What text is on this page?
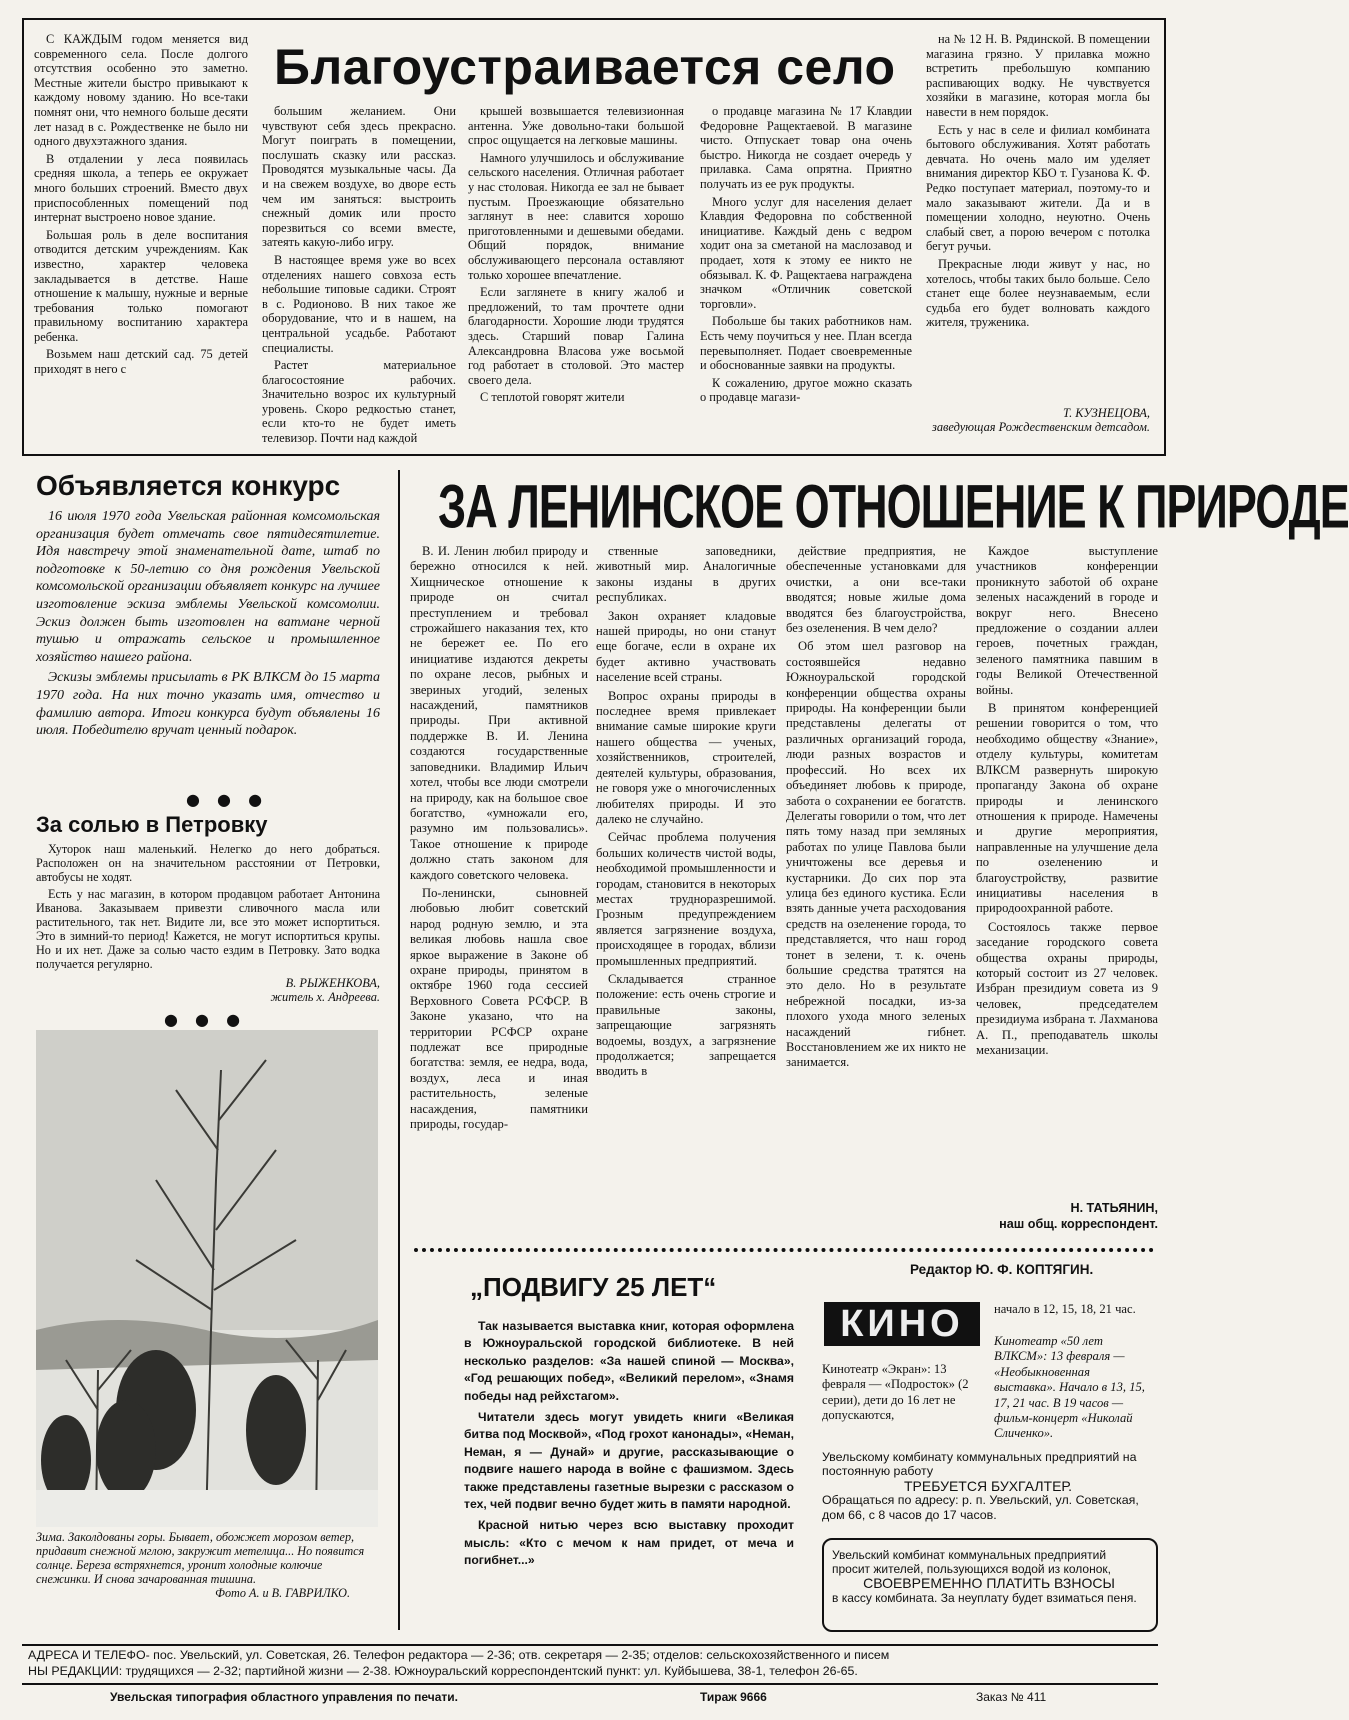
Благоустраивается село

С КАЖДЫМ годом меняется вид современного села. После долгого отсутствия особенно это заметно. Местные жители быстро привыкают к каждому новому зданию. Но все-таки помнят они, что немного больше десяти лет назад в с. Рождественке не было ни одного двухэтажного здания.

В отдалении у леса появилась средняя школа, а теперь ее окружает много больших строений. Вместо двух приспособленных помещений под интернат выстроено новое здание.

Большая роль в деле воспитания отводится детским учреждениям. Как известно, характер человека закладывается в детстве. Наше отношение к малышу, нужные и верные требования только помогают правильному воспитанию характера ребенка.

Возьмем наш детский сад. 75 детей приходят в него с

большим желанием. Они чувствуют себя здесь прекрасно. Могут поиграть в помещении, послушать сказку или рассказ. Проводятся музыкальные часы. Да и на свежем воздухе, во дворе есть чем им заняться: выстроить снежный домик или просто порезвиться со всеми вместе, затеять какую-либо игру.

В настоящее время уже во всех отделениях нашего совхоза есть небольшие типовые садики. Строят в с. Родионово. В них такое же оборудование, что и в нашем, на центральной усадьбе. Работают специалисты.

Растет материальное благосостояние рабочих. Значительно возрос их культурный уровень. Скоро редкостью станет, если кто-то не будет иметь телевизор. Почти над каждой

крышей возвышается телевизионная антенна. Уже довольно-таки большой спрос ощущается на легковые машины.

Намного улучшилось и обслуживание сельского населения. Отличная работает у нас столовая. Никогда ее зал не бывает пустым. Проезжающие обязательно заглянут в нее: славится хорошо приготовленными и дешевыми обедами. Общий порядок, внимание обслуживающего персонала оставляют только хорошее впечатление.

Если заглянете в книгу жалоб и предложений, то там прочтете одни благодарности. Хорошие люди трудятся здесь. Старший повар Галина Александровна Власова уже восьмой год работает в столовой. Это мастер своего дела.

С теплотой говорят жители

о продавце магазина № 17 Клавдии Федоровне Ращектаевой. В магазине чисто. Отпускает товар она очень быстро. Никогда не создает очередь у прилавка. Сама опрятна. Приятно получать из ее рук продукты.

Много услуг для населения делает Клавдия Федоровна по собственной инициативе. Каждый день с ведром ходит она за сметаной на маслозавод и продает, хотя к этому ее никто не обязывал. К. Ф. Ращектаева награждена значком «Отличник советской торговли».

Побольше бы таких работников нам. Есть чему поучиться у нее. План всегда перевыполняет. Подает своевременные и обоснованные заявки на продукты.

К сожалению, другое можно сказать о продавце магази-

на № 12 Н. В. Рядинской. В помещении магазина грязно. У прилавка можно встретить пребольшую компанию распивающих водку. Не чувствуется хозяйки в магазине, которая могла бы навести в нем порядок.

Есть у нас в селе и филиал комбината бытового обслуживания. Хотят работать девчата. Но очень мало им уделяет внимания директор КБО т. Гузанова К. Ф. Редко поступает материал, поэтому-то и мало заказывают жители. Да и в помещении холодно, неуютно. Очень слабый свет, а порою вечером с потолка бегут ручьи.

Прекрасные люди живут у нас, но хотелось, чтобы таких было больше. Село станет еще более неузнаваемым, если судьба его будет волновать каждого жителя, труженика.

Т. КУЗНЕЦОВА,
заведующая Рождественским детсадом.
Объявляется конкурс

16 июля 1970 года Увельская районная комсомольская организация будет отмечать свое пятидесятилетие. Идя навстречу этой знаменательной дате, штаб по подготовке к 50-летию со дня рождения Увельской комсомольской организации объявляет конкурс на лучшее изготовление эскиза эмблемы Увельской комсомолии. Эскиз должен быть изготовлен на ватмане черной тушью и отражать сельское и промышленное хозяйство нашего района.

Эскизы эмблемы присылать в РК ВЛКСМ до 15 марта 1970 года. На них точно указать имя, отчество и фамилию автора. Итоги конкурса будут объявлены 16 июля. Победителю вручат ценный подарок.

● ● ●
За солью в Петровку

Хуторок наш маленький. Нелегко до него добраться. Расположен он на значительном расстоянии от Петровки, автобусы не ходят.

Есть у нас магазин, в котором продавцом работает Антонина Иванова. Заказываем привезти сливочного масла или растительного, так нет. Видите ли, все это может испортиться. Это в зимний-то период! Кажется, не могут испортиться крупы. Но и их нет. Даже за солью часто ездим в Петровку. Зато водка получается регулярно.

В. РЫЖЕНКОВА,
житель х. Андреева.
● ● ●
Зима. Заколдованы горы. Бывает, обожжет морозом ветер, придавит снежной мглою, закружит метелица... Но появится солнце. Береза встряхнется, уронит холодные колючие снежинки. И снова зачарованная тишина.
Фото А. и В. ГАВРИЛКО.
ЗА ЛЕНИНСКОЕ ОТНОШЕНИЕ К ПРИРОДЕ

В. И. Ленин любил природу и бережно относился к ней. Хищническое отношение к природе он считал преступлением и требовал строжайшего наказания тех, кто не бережет ее. По его инициативе издаются декреты по охране лесов, рыбных и звериных угодий, зеленых насаждений, памятников природы. При активной поддержке В. И. Ленина создаются государственные заповедники. Владимир Ильич хотел, чтобы все люди смотрели на природу, как на большое свое богатство, «умножали его, разумно им пользовались». Такое отношение к природе должно стать законом для каждого советского человека.

По-ленински, сыновней любовью любит советский народ родную землю, и эта великая любовь нашла свое яркое выражение в Законе об охране природы, принятом в октябре 1960 года сессией Верховного Совета РСФСР. В Законе указано, что на территории РСФСР охране подлежат все природные богатства: земля, ее недра, вода, воздух, леса и иная растительность, зеленые насаждения, памятники природы, государ-

ственные заповедники, животный мир. Аналогичные законы изданы в других республиках.

Закон охраняет кладовые нашей природы, но они станут еще богаче, если в охране их будет активно участвовать население всей страны.

Вопрос охраны природы в последнее время привлекает внимание самые широкие круги нашего общества — ученых, хозяйственников, строителей, деятелей культуры, образования, не говоря уже о многочисленных любителях природы. И это далеко не случайно.

Сейчас проблема получения больших количеств чистой воды, необходимой промышленности и городам, становится в некоторых местах трудноразрешимой. Грозным предупреждением является загрязнение воздуха, происходящее в городах, вблизи промышленных предприятий.

Складывается странное положение: есть очень строгие и правильные законы, запрещающие загрязнять водоемы, воздух, а загрязнение продолжается; запрещается вводить в

действие предприятия, не обеспеченные установками для очистки, а они все-таки вводятся; новые жилые дома вводятся без благоустройства, без озеленения. В чем дело?

Об этом шел разговор на состоявшейся недавно Южноуральской городской конференции общества охраны природы. На конференции были представлены делегаты от различных организаций города, люди разных возрастов и профессий. Но всех их объединяет любовь к природе, забота о сохранении ее богатств. Делегаты говорили о том, что лет пять тому назад при земляных работах по улице Павлова были уничтожены все деревья и кустарники. До сих пор эта улица без единого кустика. Если взять данные учета расходования средств на озеленение города, то представляется, что наш город тонет в зелени, т. к. очень большие средства тратятся на это дело. Но в результате небрежной посадки, из-за плохого ухода много зеленых насаждений гибнет. Восстановлением же их никто не занимается.

Каждое выступление участников конференции проникнуто заботой об охране зеленых насаждений в городе и вокруг него. Внесено предложение о создании аллеи героев, почетных граждан, зеленого памятника павшим в годы Великой Отечественной войны.

В принятом конференцией решении говорится о том, что необходимо обществу «Знание», отделу культуры, комитетам ВЛКСМ развернуть широкую пропаганду Закона об охране природы и ленинского отношения к природе. Намечены и другие мероприятия, направленные на улучшение дела по озеленению и благоустройству, развитие инициативы населения в природоохранной работе.

Состоялось также первое заседание городского совета общества охраны природы, который состоит из 27 человек. Избран президиум совета из 9 человек, председателем президиума избрана т. Лахманова А. П., преподаватель школы механизации.

Н. ТАТЬЯНИН,
наш общ. корреспондент.
Редактор Ю. Ф. КОПТЯГИН.
„ПОДВИГУ 25 ЛЕТ“

Так называется выставка книг, которая оформлена в Южноуральской городской библиотеке. В ней несколько разделов: «За нашей спиной — Москва», «Год решающих побед», «Великий перелом», «Знамя победы над рейхстагом».

Читатели здесь могут увидеть книги «Великая битва под Москвой», «Под грохот канонады», «Неман, Неман, я — Дунай» и другие, рассказывающие о подвиге нашего народа в войне с фашизмом. Здесь также представлены газетные вырезки с рассказом о тех, чей подвиг вечно будет жить в памяти народной.

Красной нитью через всю выставку проходит мысль: «Кто с мечом к нам придет, от меча и погибнет...»

КИНО
Кинотеатр «Экран»: 13 февраля — «Подросток» (2 серии), дети до 16 лет не допускаются,
начало в 12, 15, 18, 21 час.
Кинотеатр «50 лет ВЛКСМ»: 13 февраля — «Необыкновенная выставка». Начало в 13, 15, 17, 21 час. В 19 часов — фильм-концерт «Николай Сличенко».
Увельскому комбинату коммунальных предприятий на постоянную работу
ТРЕБУЕТСЯ БУХГАЛТЕР.
Обращаться по адресу: р. п. Увельский, ул. Советская, дом 66, с 8 часов до 17 часов.
Увельский комбинат коммунальных предприятий просит жителей, пользующихся водой из колонок,
СВОЕВРЕМЕННО ПЛАТИТЬ ВЗНОСЫ
в кассу комбината. За неуплату будет взиматься пеня.
АДРЕСА И ТЕЛЕФО- пос. Увельский, ул. Советская, 26. Телефон редактора — 2-36; отв. секретаря — 2-35; отделов: сельскохозяйственного и писем
НЫ РЕДАКЦИИ: трудящихся — 2-32; партийной жизни — 2-38. Южноуральский корреспондентский пункт: ул. Куйбышева, 38-1, телефон 26-65.
Увельская типография областного управления по печати.	Тираж 9666	Заказ № 411
